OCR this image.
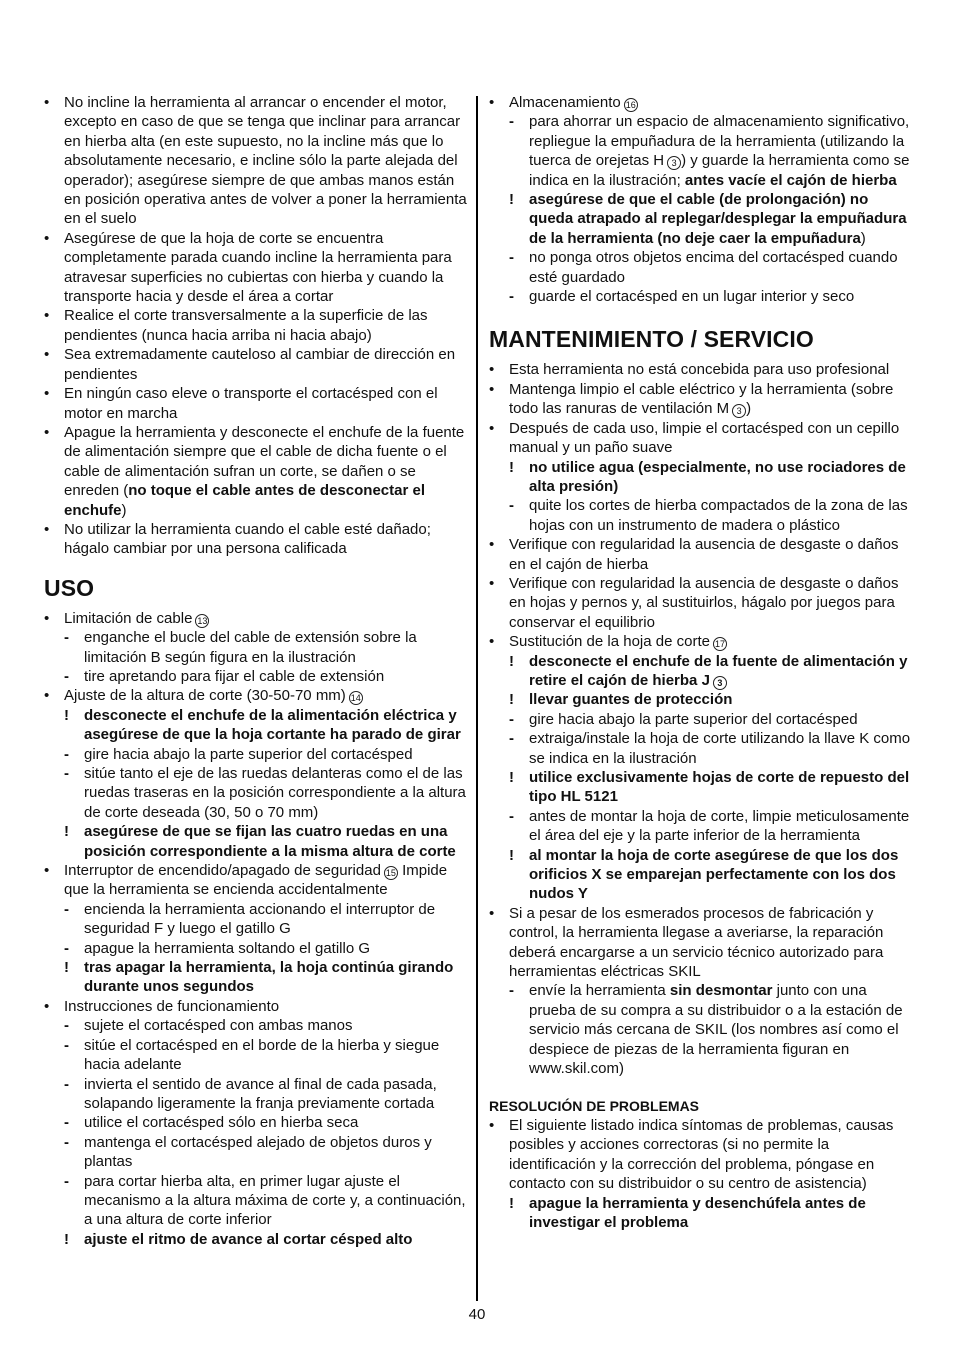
• No incline la herramienta al arrancar o encender el motor, excepto en caso de que se tenga que inclinar para arrancar en hierba alta (en este supuesto, no la incline más que lo absolutamente necesario, e incline sólo la parte alejada del operador); asegúrese siempre de que ambas manos están en posición operativa antes de volver a poner la herramienta en el suelo
• Asegúrese de que la hoja de corte se encuentra completamente parada cuando incline la herramienta para atravesar superficies no cubiertas con hierba y cuando la transporte hacia y desde el área a cortar
• Realice el corte transversalmente a la superficie de las pendientes (nunca hacia arriba ni hacia abajo)
• Sea extremadamente cauteloso al cambiar de dirección en pendientes
• En ningún caso eleve o transporte el cortacésped con el motor en marcha
• Apague la herramienta y desconecte el enchufe de la fuente de alimentación siempre que el cable de dicha fuente o el cable de alimentación sufran un corte, se dañen o se enreden (no toque el cable antes de desconectar el enchufe)
• No utilizar la herramienta cuando el cable esté dañado; hágalo cambiar por una persona calificada
USO
• Limitación de cable 13
- enganche el bucle del cable de extensión sobre la limitación B según figura en la ilustración
- tire apretando para fijar el cable de extensión
• Ajuste de la altura de corte (30-50-70 mm) 14
! desconecte el enchufe de la alimentación eléctrica y asegúrese de que la hoja cortante ha parado de girar
- gire hacia abajo la parte superior del cortacésped
- sitúe tanto el eje de las ruedas delanteras como el de las ruedas traseras en la posición correspondiente a la altura de corte deseada (30, 50 o 70 mm)
! asegúrese de que se fijan las cuatro ruedas en una posición correspondiente a la misma altura de corte
• Interruptor de encendido/apagado de seguridad 15 Impide que la herramienta se encienda accidentalmente
- encienda la herramienta accionando el interruptor de seguridad F y luego el gatillo G
- apague la herramienta soltando el gatillo G
! tras apagar la herramienta, la hoja continúa girando durante unos segundos
• Instrucciones de funcionamiento
- sujete el cortacésped con ambas manos
- sitúe el cortacésped en el borde de la hierba y siegue hacia adelante
- invierta el sentido de avance al final de cada pasada, solapando ligeramente la franja previamente cortada
- utilice el cortacésped sólo en hierba seca
- mantenga el cortacésped alejado de objetos duros y plantas
- para cortar hierba alta, en primer lugar ajuste el mecanismo a la altura máxima de corte y, a continuación, a una altura de corte inferior
! ajuste el ritmo de avance al cortar césped alto
• Almacenamiento 16
- para ahorrar un espacio de almacenamiento significativo, repliegue la empuñadura de la herramienta (utilizando la tuerca de orejetas H 3 ) y guarde la herramienta como se indica en la ilustración; antes vacíe el cajón de hierba
! asegúrese de que el cable (de prolongación) no queda atrapado al replegar/desplegar la empuñadura de la herramienta (no deje caer la empuñadura)
- no ponga otros objetos encima del cortacésped cuando esté guardado
- guarde el cortacésped en un lugar interior y seco
MANTENIMIENTO / SERVICIO
• Esta herramienta no está concebida para uso profesional
• Mantenga limpio el cable eléctrico y la herramienta (sobre todo las ranuras de ventilación M 3 )
• Después de cada uso, limpie el cortacésped con un cepillo manual y un paño suave
! no utilice agua (especialmente, no use rociadores de alta presión)
- quite los cortes de hierba compactados de la zona de las hojas con un instrumento de madera o plástico
• Verifique con regularidad la ausencia de desgaste o daños en el cajón de hierba
• Verifique con regularidad la ausencia de desgaste o daños en hojas y pernos y, al sustituirlos, hágalo por juegos para conservar el equilibrio
• Sustitución de la hoja de corte 17
! desconecte el enchufe de la fuente de alimentación y retire el cajón de hierba J 3
! llevar guantes de protección
- gire hacia abajo la parte superior del cortacésped
- extraiga/instale la hoja de corte utilizando la llave K como se indica en la ilustración
! utilice exclusivamente hojas de corte de repuesto del tipo HL 5121
- antes de montar la hoja de corte, limpie meticulosamente el área del eje y la parte inferior de la herramienta
! al montar la hoja de corte asegúrese de que los dos orificios X se emparejan perfectamente con los dos nudos Y
• Si a pesar de los esmerados procesos de fabricación y control, la herramienta llegase a averiarse, la reparación deberá encargarse a un servicio técnico autorizado para herramientas eléctricas SKIL
- envíe la herramienta sin desmontar junto con una prueba de su compra a su distribuidor o a la estación de servicio más cercana de SKIL (los nombres así como el despiece de piezas de la herramienta figuran en www.skil.com)
RESOLUCIÓN DE PROBLEMAS
• El siguiente listado indica síntomas de problemas, causas posibles y acciones correctoras (si no permite la identificación y la corrección del problema, póngase en contacto con su distribuidor o su centro de asistencia)
! apague la herramienta y desenchúfela antes de investigar el problema
40
